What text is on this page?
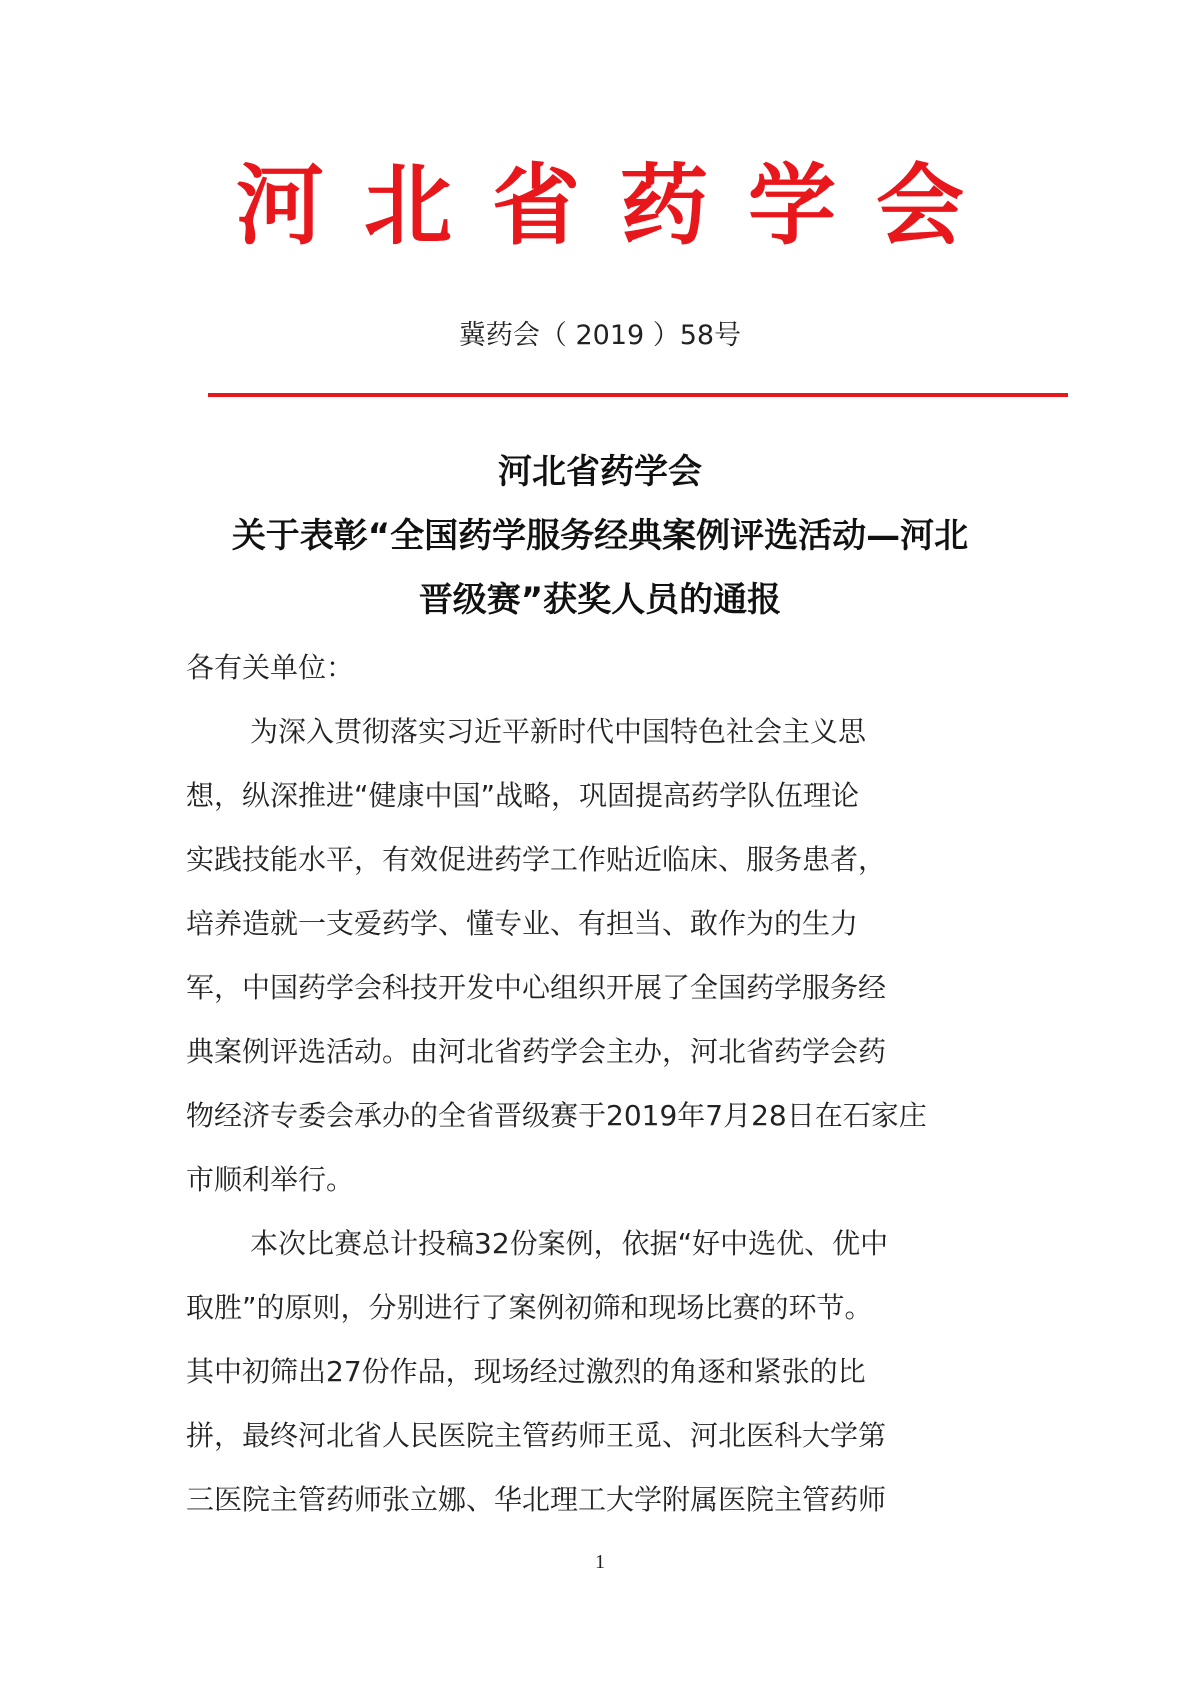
河北省药学会
冀药会（ 2019 ）58号
河北省药学会
关于表彰“全国药学服务经典案例评选活动—河北
晋级赛”获奖人员的通报
各有关单位：
为深入贯彻落实习近平新时代中国特色社会主义思
想，纵深推进“健康中国”战略，巩固提高药学队伍理论
实践技能水平，有效促进药学工作贴近临床、服务患者，
培养造就一支爱药学、懂专业、有担当、敢作为的生力
军，中国药学会科技开发中心组织开展了全国药学服务经
典案例评选活动。由河北省药学会主办，河北省药学会药
物经济专委会承办的全省晋级赛于2019年7月28日在石家庄
市顺利举行。
本次比赛总计投稿32份案例，依据“好中选优、优中
取胜”的原则，分别进行了案例初筛和现场比赛的环节。
其中初筛出27份作品，现场经过激烈的角逐和紧张的比
拼，最终河北省人民医院主管药师王觅、河北医科大学第
三医院主管药师张立娜、华北理工大学附属医院主管药师
1
